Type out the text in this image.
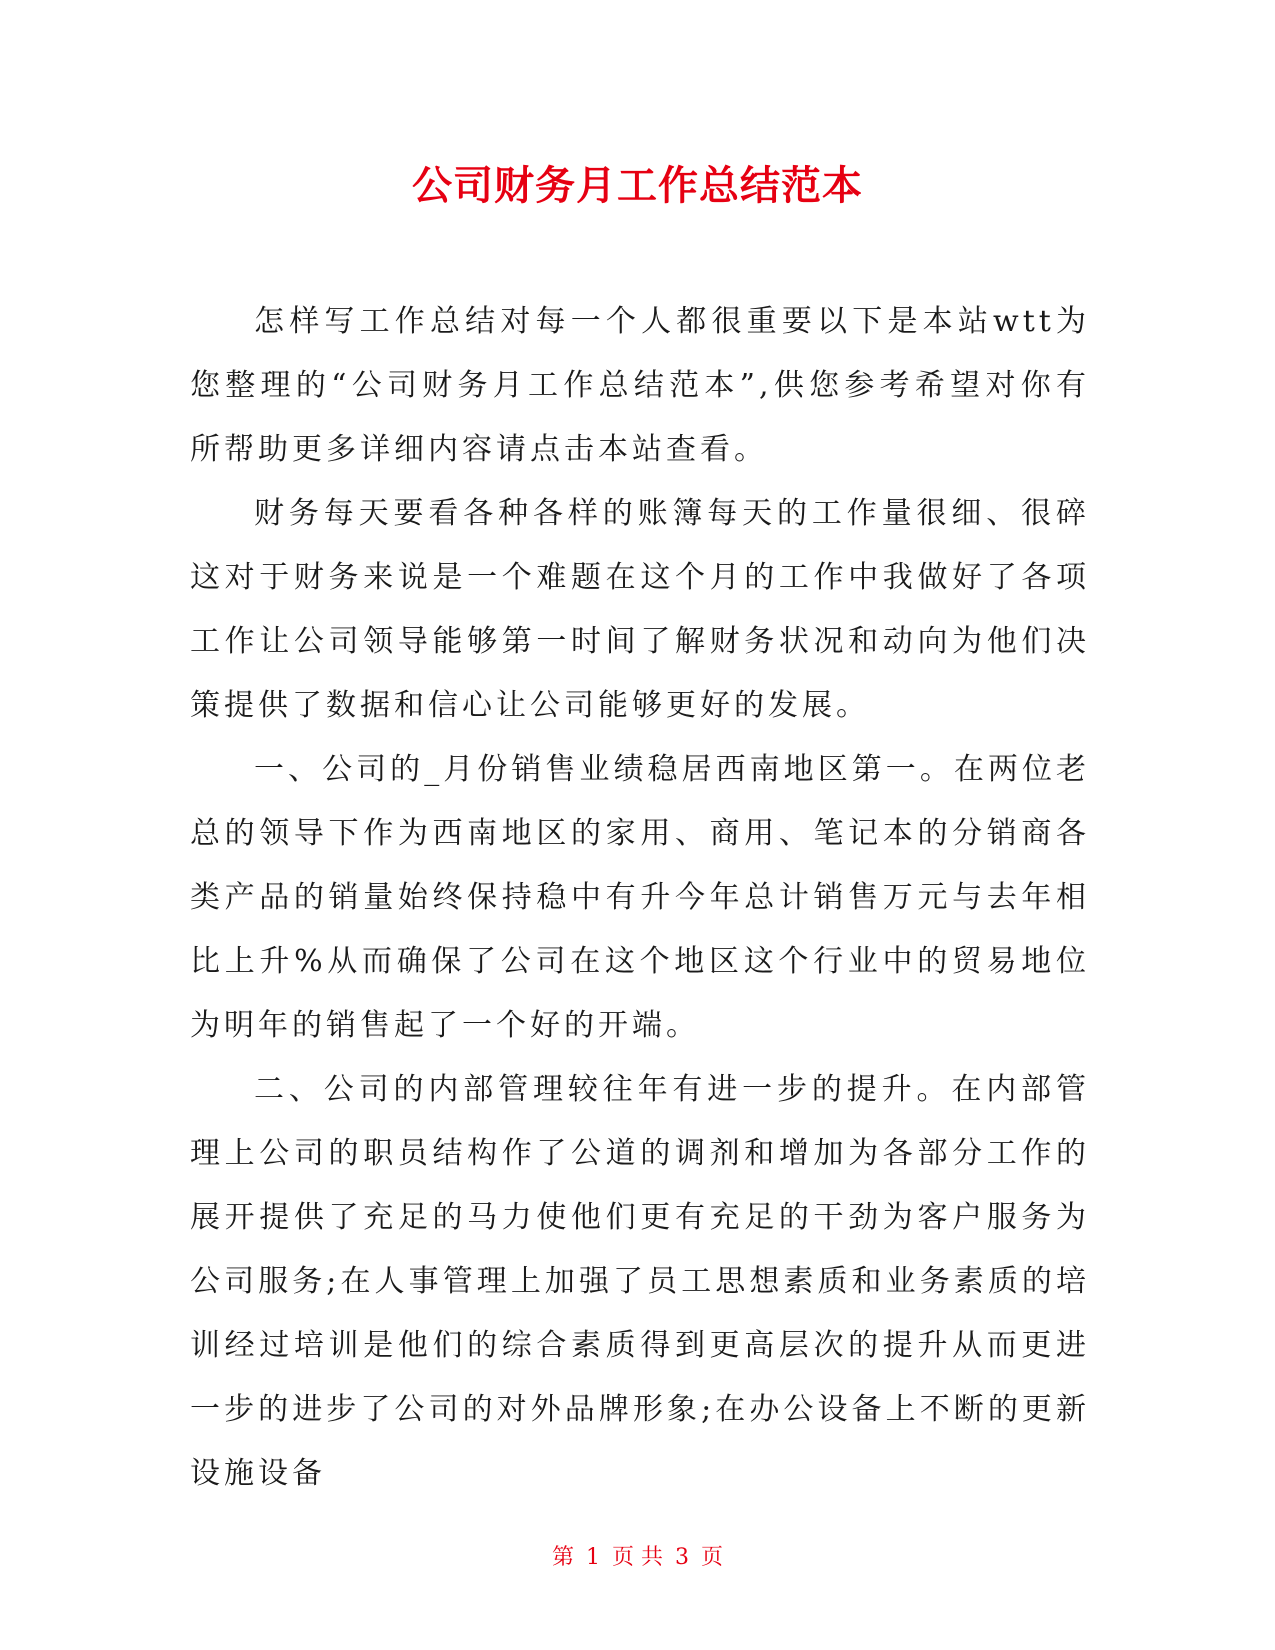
公司财务月工作总结范本

怎样写工作总结对每一个人都很重要以下是本站wtt为您整理的“公司财务月工作总结范本”,供您参考希望对你有所帮助更多详细内容请点击本站查看。

财务每天要看各种各样的账簿每天的工作量很细、很碎这对于财务来说是一个难题在这个月的工作中我做好了各项工作让公司领导能够第一时间了解财务状况和动向为他们决策提供了数据和信心让公司能够更好的发展。

一、公司的_月份销售业绩稳居西南地区第一。在两位老总的领导下作为西南地区的家用、商用、笔记本的分销商各类产品的销量始终保持稳中有升今年总计销售万元与去年相比上升%从而确保了公司在这个地区这个行业中的贸易地位为明年的销售起了一个好的开端。

二、公司的内部管理较往年有进一步的提升。在内部管理上公司的职员结构作了公道的调剂和增加为各部分工作的展开提供了充足的马力使他们更有充足的干劲为客户服务为公司服务;在人事管理上加强了员工思想素质和业务素质的培训经过培训是他们的综合素质得到更高层次的提升从而更进一步的进步了公司的对外品牌形象;在办公设备上不断的更新设施设备

第 1 页 共 3 页
